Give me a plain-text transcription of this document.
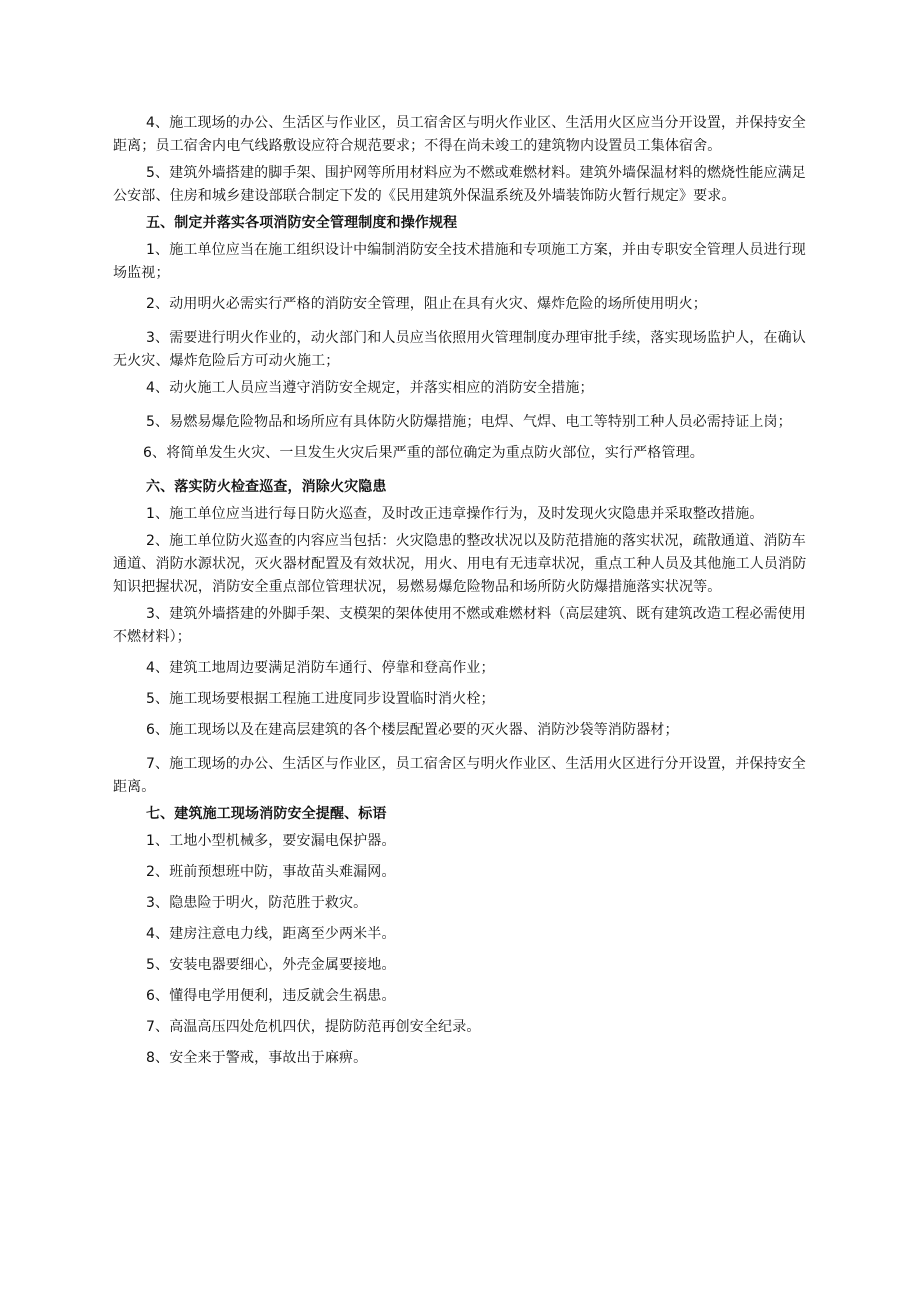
4、施工现场的办公、生活区与作业区，员工宿舍区与明火作业区、生活用火区应当分开设置，并保持安全距离；员工宿舍内电气线路敷设应符合规范要求；不得在尚未竣工的建筑物内设置员工集体宿舍。

5、建筑外墙搭建的脚手架、围护网等所用材料应为不燃或难燃材料。建筑外墙保温材料的燃烧性能应满足公安部、住房和城乡建设部联合制定下发的《民用建筑外保温系统及外墙装饰防火暂行规定》要求。

五、制定并落实各项消防安全管理制度和操作规程

1、施工单位应当在施工组织设计中编制消防安全技术措施和专项施工方案，并由专职安全管理人员进行现场监视；

2、动用明火必需实行严格的消防安全管理，阻止在具有火灾、爆炸危险的场所使用明火；

3、需要进行明火作业的，动火部门和人员应当依照用火管理制度办理审批手续，落实现场监护人，在确认无火灾、爆炸危险后方可动火施工；

4、动火施工人员应当遵守消防安全规定，并落实相应的消防安全措施；

5、易燃易爆危险物品和场所应有具体防火防爆措施；电焊、气焊、电工等特别工种人员必需持证上岗；

6、将简单发生火灾、一旦发生火灾后果严重的部位确定为重点防火部位，实行严格管理。

六、落实防火检查巡查，消除火灾隐患

1、施工单位应当进行每日防火巡查，及时改正违章操作行为，及时发现火灾隐患并采取整改措施。

2、施工单位防火巡查的内容应当包括：火灾隐患的整改状况以及防范措施的落实状况，疏散通道、消防车通道、消防水源状况，灭火器材配置及有效状况，用火、用电有无违章状况，重点工种人员及其他施工人员消防知识把握状况，消防安全重点部位管理状况，易燃易爆危险物品和场所防火防爆措施落实状况等。

3、建筑外墙搭建的外脚手架、支模架的架体使用不燃或难燃材料（高层建筑、既有建筑改造工程必需使用不燃材料）；

4、建筑工地周边要满足消防车通行、停靠和登高作业；

5、施工现场要根据工程施工进度同步设置临时消火栓；

6、施工现场以及在建高层建筑的各个楼层配置必要的灭火器、消防沙袋等消防器材；

7、施工现场的办公、生活区与作业区，员工宿舍区与明火作业区、生活用火区进行分开设置，并保持安全距离。

七、建筑施工现场消防安全提醒、标语

1、工地小型机械多，要安漏电保护器。

2、班前预想班中防，事故苗头难漏网。

3、隐患险于明火，防范胜于救灾。

4、建房注意电力线，距离至少两米半。

5、安装电器要细心，外壳金属要接地。

6、懂得电学用便利，违反就会生祸患。

7、高温高压四处危机四伏，提防防范再创安全纪录。

8、安全来于警戒，事故出于麻痹。
